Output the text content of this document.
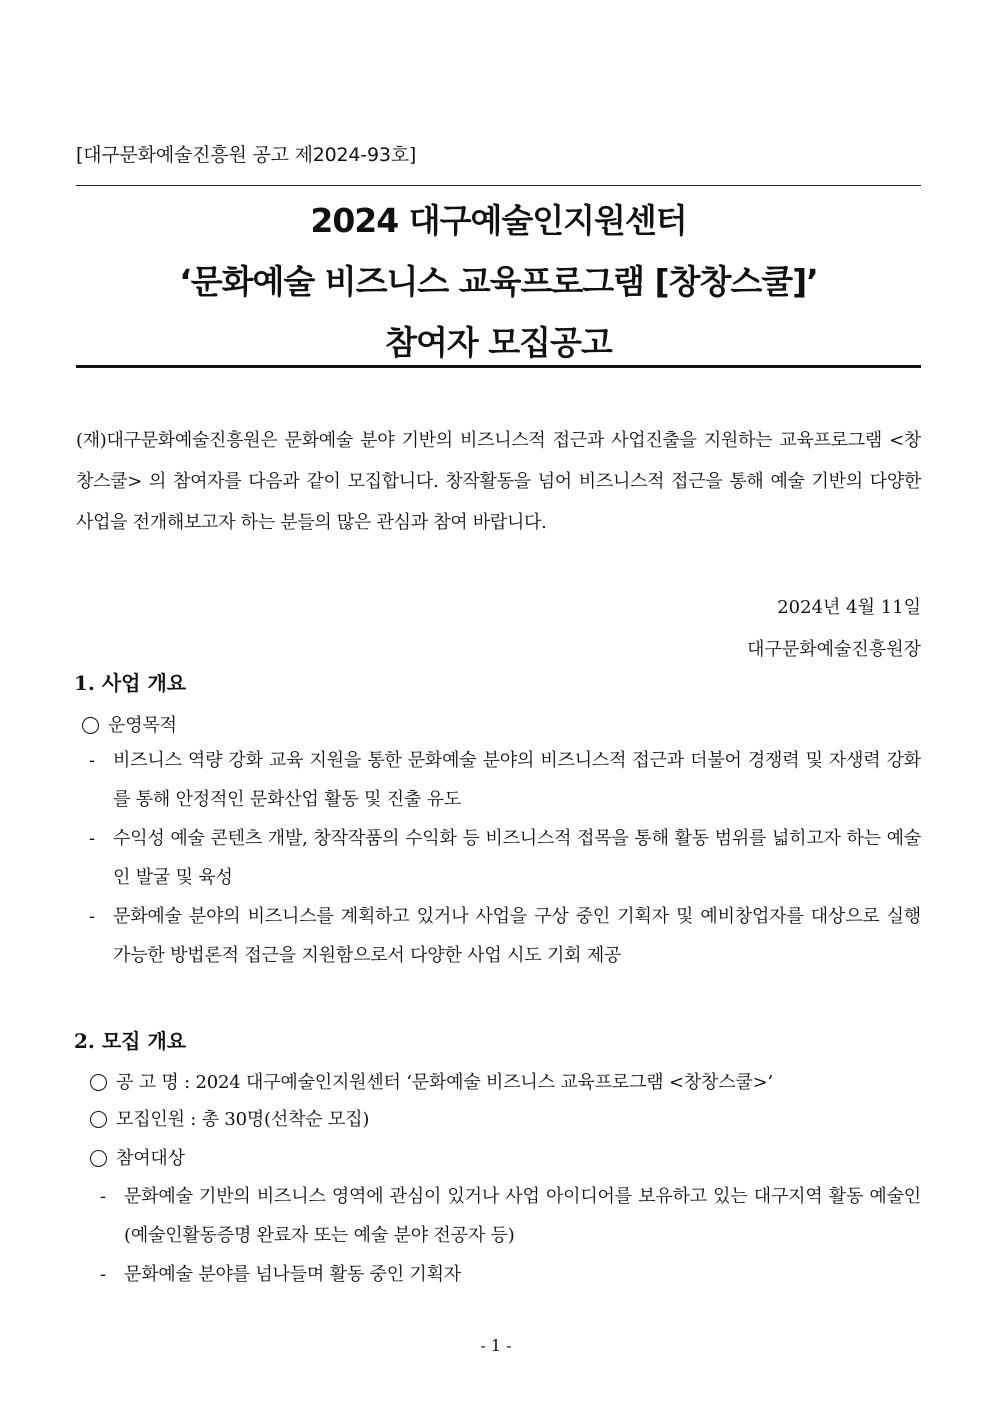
[대구문화예술진흥원 공고 제2024-93호]
2024 대구예술인지원센터
‘문화예술 비즈니스 교육프로그램 [창창스쿨]’
참여자 모집공고
(재)대구문화예술진흥원은 문화예술 분야 기반의 비즈니스적 접근과 사업진출을 지원하는 교육프로그램 <창창스쿨> 의 참여자를 다음과 같이 모집합니다. 창작활동을 넘어 비즈니스적 접근을 통해 예술 기반의 다양한 사업을 전개해보고자 하는 분들의 많은 관심과 참여 바랍니다.
2024년 4월 11일
대구문화예술진흥원장
1. 사업 개요
운영목적
- 비즈니스 역량 강화 교육 지원을 통한 문화예술 분야의 비즈니스적 접근과 더불어 경쟁력 및 자생력 강화를 통해 안정적인 문화산업 활동 및 진출 유도
- 수익성 예술 콘텐츠 개발, 창작작품의 수익화 등 비즈니스적 접목을 통해 활동 범위를 넓히고자 하는 예술인 발굴 및 육성
- 문화예술 분야의 비즈니스를 계획하고 있거나 사업을 구상 중인 기획자 및 예비창업자를 대상으로 실행 가능한 방법론적 접근을 지원함으로서 다양한 사업 시도 기회 제공
2. 모집 개요
공 고 명 : 2024 대구예술인지원센터 ‘문화예술 비즈니스 교육프로그램 <창창스쿨>’
모집인원 : 총 30명(선착순 모집)
참여대상
- 문화예술 기반의 비즈니스 영역에 관심이 있거나 사업 아이디어를 보유하고 있는 대구지역 활동 예술인(예술인활동증명 완료자 또는 예술 분야 전공자 등)
- 문화예술 분야를 넘나들며 활동 중인 기획자
- 1 -
